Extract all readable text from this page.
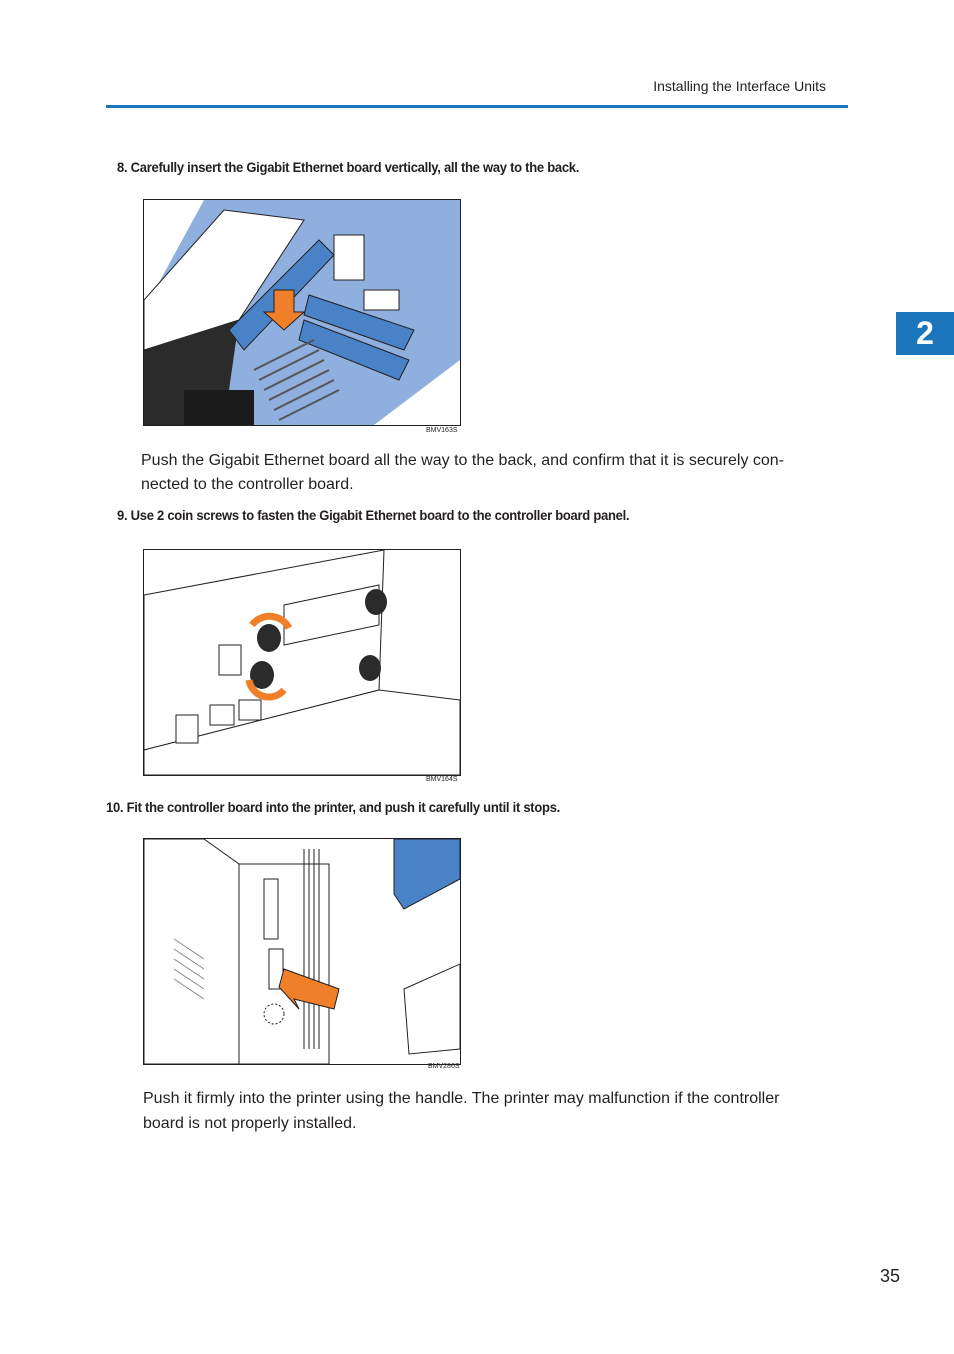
Installing the Interface Units
2
8. Carefully insert the Gigabit Ethernet board vertically, all the way to the back.
BMV163S
Push the Gigabit Ethernet board all the way to the back, and confirm that it is securely con-nected to the controller board.
9. Use 2 coin screws to fasten the Gigabit Ethernet board to the controller board panel.
BMV164S
10. Fit the controller board into the printer, and push it carefully until it stops.
BMV286S
Push it firmly into the printer using the handle. The printer may malfunction if the controller board is not properly installed.
35
